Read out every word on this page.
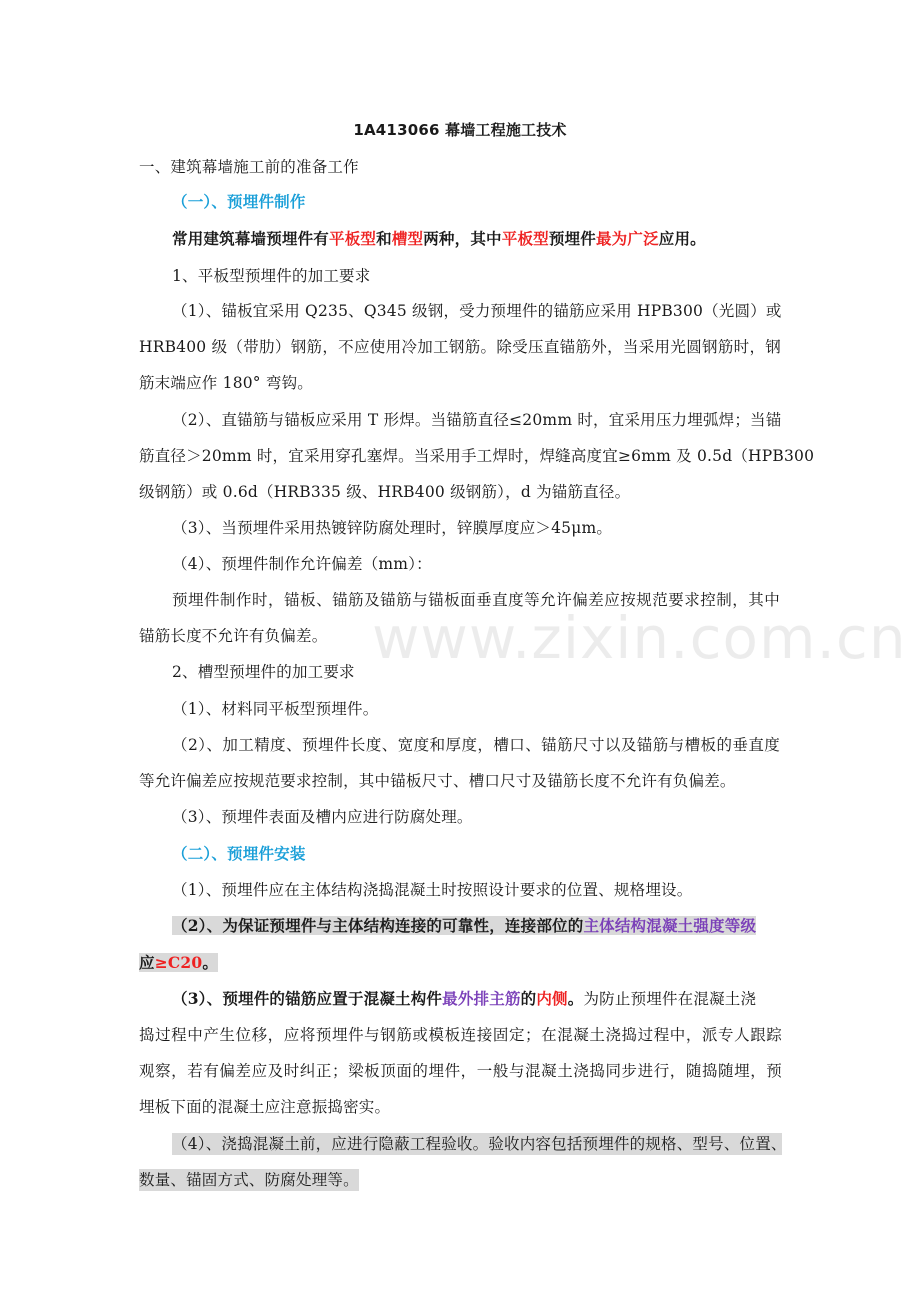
www.zixin.com.cn
1A413066 幕墙工程施工技术
一、建筑幕墙施工前的准备工作
（一）、预埋件制作
常用建筑幕墙预埋件有平板型和槽型两种，其中平板型预埋件最为广泛应用。
1、平板型预埋件的加工要求
（1）、锚板宜采用 Q235、Q345 级钢，受力预埋件的锚筋应采用 HPB300（光圆）或
HRB400 级（带肋）钢筋，不应使用冷加工钢筋。除受压直锚筋外，当采用光圆钢筋时，钢
筋末端应作 180° 弯钩。
（2）、直锚筋与锚板应采用 T 形焊。当锚筋直径≤20mm 时，宜采用压力埋弧焊；当锚
筋直径＞20mm 时，宜采用穿孔塞焊。当采用手工焊时，焊缝高度宜≥6mm 及 0.5d（HPB300
级钢筋）或 0.6d（HRB335 级、HRB400 级钢筋），d 为锚筋直径。
（3）、当预埋件采用热镀锌防腐处理时，锌膜厚度应＞45μm。
（4）、预埋件制作允许偏差（mm）：
预埋件制作时，锚板、锚筋及锚筋与锚板面垂直度等允许偏差应按规范要求控制，其中
锚筋长度不允许有负偏差。
2、槽型预埋件的加工要求
（1）、材料同平板型预埋件。
（2）、加工精度、预埋件长度、宽度和厚度，槽口、锚筋尺寸以及锚筋与槽板的垂直度
等允许偏差应按规范要求控制，其中锚板尺寸、槽口尺寸及锚筋长度不允许有负偏差。
（3）、预埋件表面及槽内应进行防腐处理。
（二）、预埋件安装
（1）、预埋件应在主体结构浇捣混凝土时按照设计要求的位置、规格埋设。
（2）、为保证预埋件与主体结构连接的可靠性，连接部位的主体结构混凝土强度等级
应≥C20。
（3）、预埋件的锚筋应置于混凝土构件最外排主筋的内侧。为防止预埋件在混凝土浇
捣过程中产生位移，应将预埋件与钢筋或模板连接固定；在混凝土浇捣过程中，派专人跟踪
观察，若有偏差应及时纠正；梁板顶面的埋件，一般与混凝土浇捣同步进行，随捣随埋，预
埋板下面的混凝土应注意振捣密实。
（4）、浇捣混凝土前，应进行隐蔽工程验收。验收内容包括预埋件的规格、型号、位置、
数量、锚固方式、防腐处理等。
